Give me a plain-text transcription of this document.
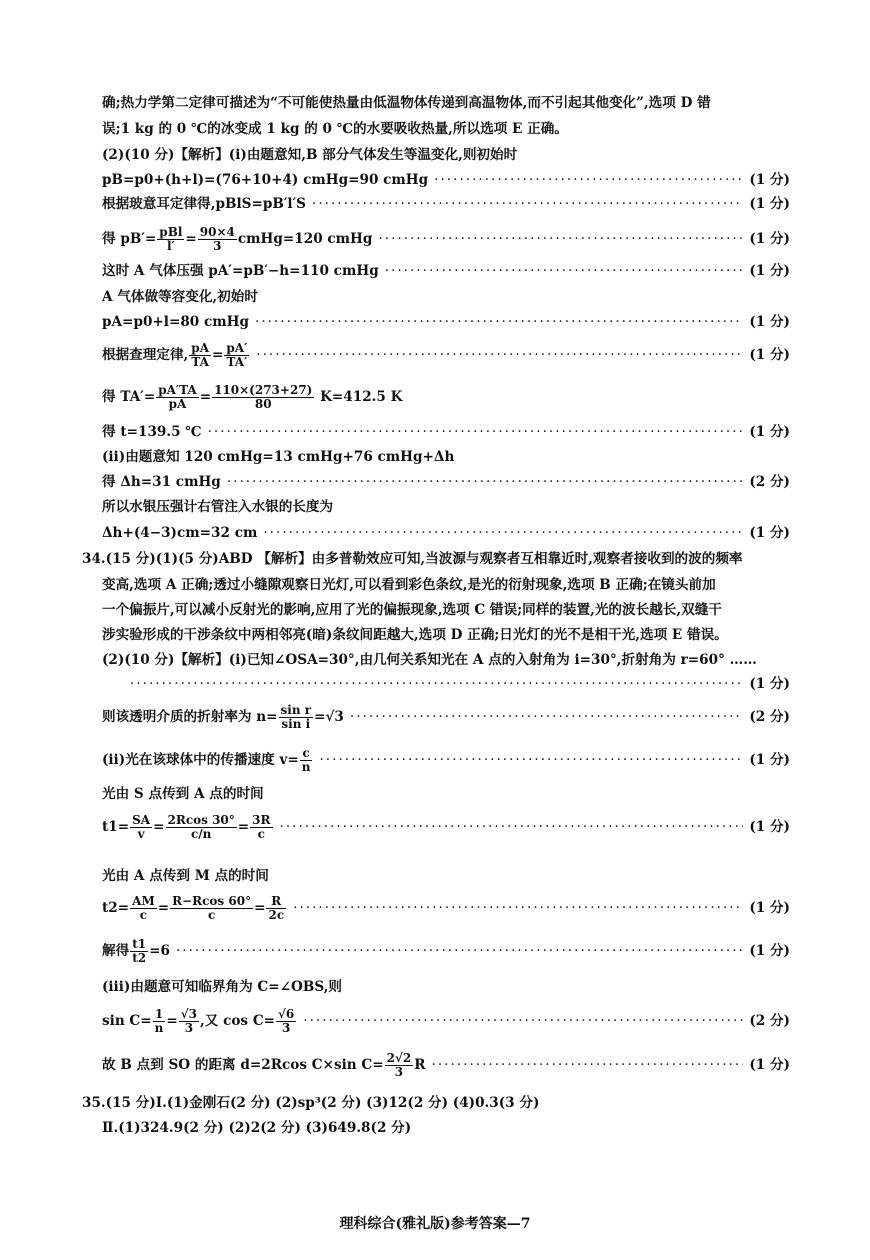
确;热力学第二定律可描述为“不可能使热量由低温物体传递到高温物体,而不引起其他变化”,选项 D 错
误;1 kg 的 0 ℃的冰变成 1 kg 的 0 ℃的水要吸收热量,所以选项 E 正确。
(2)(10 分)【解析】(ⅰ)由题意知,B 部分气体发生等温变化,则初始时
pB=p0+(h+l)=(76+10+4) cmHg=90 cmHg ·····	(1 分)
根据玻意耳定律得,pBlS=pB′l′S ·····	(1 分)
得 $pB'= \frac{\text{pBl}}{l'} = \frac{90\times 4}{3}$ cmHg=120 cmHg ·····	(1 分)
这时 A 气体压强 pA′=pB′−h=110 cmHg ·····	(1 分)
A 气体做等容变化,初始时
pA=p0+l=80 cmHg ·····	(1 分)
根据查理定律, $\frac{pA}{TA} = \frac{pA'}{TA'}$ ·····	(1 分)
得 $TA'= \frac{pA'TA}{pA} = \frac{110\times(273+27)}{80} K=412.5$ K
得 t=139.5 ℃ ·····	(1 分)
(ⅱ)由题意知 120 cmHg=13 cmHg+76 cmHg+Δh
得 Δh=31 cmHg ·····	(2 分)
所以水银压强计右管注入水银的长度为
Δh+(4−3)cm=32 cm ·····	(1 分)
34.(15 分)(1)(5 分)ABD 【解析】由多普勒效应可知,当波源与观察者互相靠近时,观察者接收到的波的频率
变高,选项 A 正确;透过小缝隙观察日光灯,可以看到彩色条纹,是光的衍射现象,选项 B 正确;在镜头前加
一个偏振片,可以减小反射光的影响,应用了光的偏振现象,选项 C 错误;同样的装置,光的波长越长,双缝干
涉实验形成的干涉条纹中两相邻亮(暗)条纹间距越大,选项 D 正确;日光灯的光不是相干光,选项 E 错误。
(2)(10 分)【解析】(ⅰ)已知∠OSA=30°,由几何关系知光在 A 点的入射角为 i=30°,折射角为 r=60° ……
·····
(1 分)
则该透明介质的折射率为 $n= \frac{\text{sin r}}{\text{sin i}} =√3$ ·····	(2 分)
(ⅱ)光在该球体中的传播速度 $v= \frac{c}{n}$ ·····	(1 分)
光由 S 点传到 A 点的时间
$t1= \frac{SA}{v} = \frac{2Rcos 30^\circ}{c/n} = \frac{3R}{c}$ ·····	(1 分)
光由 A 点传到 M 点的时间
$t2= \frac{AM}{c} = \frac{R-Rcos 60^\circ}{c} = \frac{R}{2c}$ ·····	(1 分)
解得 $\frac{t1}{t2} =6$ ·····	(1 分)
(ⅲ)由题意可知临界角为 C=∠OBS,则
$\sin C= \frac{1}{n} = \frac{√3}{3}$ ,又 $\cos C= \frac{√6}{3}$ ·····	(2 分)
故 B 点到 SO 的距离 d=2Rcos C×sin $C= \frac{2√2}{3}$ R ·····	(1 分)
35.(15 分)Ⅰ.(1)金刚石(2 分) (2)sp³(2 分) (3)12(2 分) (4)0.3(3 分)
Ⅱ.(1)324.9(2 分) (2)2(2 分) (3)649.8(2 分)
理科综合(雅礼版)参考答案—7
